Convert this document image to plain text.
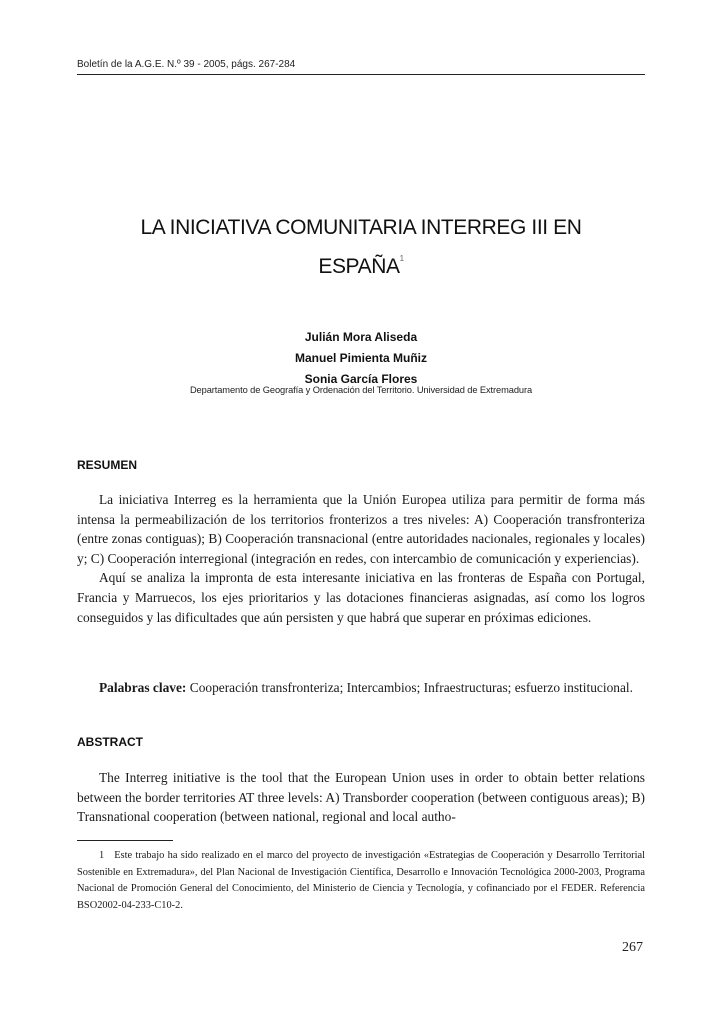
Boletín de la A.G.E. N.º 39 - 2005, págs. 267-284
LA INICIATIVA COMUNITARIA INTERREG III EN
ESPAÑA$^1$
Julián Mora Aliseda
Manuel Pimienta Muñiz
Sonia García Flores
Departamento de Geografía y Ordenación del Territorio. Universidad de Extremadura
RESUMEN

La iniciativa Interreg es la herramienta que la Unión Europea utiliza para permitir de forma más intensa la permeabilización de los territorios fronterizos a tres niveles: A) Cooperación transfronteriza (entre zonas contiguas); B) Cooperación transnacional (entre autoridades nacionales, regionales y locales) y; C) Cooperación interregional (integración en redes, con intercambio de comunicación y experiencias).

Aquí se analiza la impronta de esta interesante iniciativa en las fronteras de España con Portugal, Francia y Marruecos, los ejes prioritarios y las dotaciones financieras asignadas, así como los logros conseguidos y las dificultades que aún persisten y que habrá que superar en próximas ediciones.

Palabras clave: Cooperación transfronteriza; Intercambios; Infraestructuras; esfuerzo institucional.

ABSTRACT

The Interreg initiative is the tool that the European Union uses in order to obtain better relations between the border territories AT three levels: A) Transborder cooperation (between contiguous areas); B) Transnational cooperation (between national, regional and local autho-

1 Este trabajo ha sido realizado en el marco del proyecto de investigación «Estrategias de Cooperación y Desarrollo Territorial Sostenible en Extremadura», del Plan Nacional de Investigación Científica, Desarrollo e Innovación Tecnológica 2000-2003, Programa Nacional de Promoción General del Conocimiento, del Ministerio de Ciencia y Tecnología, y cofinanciado por el FEDER. Referencia BSO2002-04-233-C10-2.

267
